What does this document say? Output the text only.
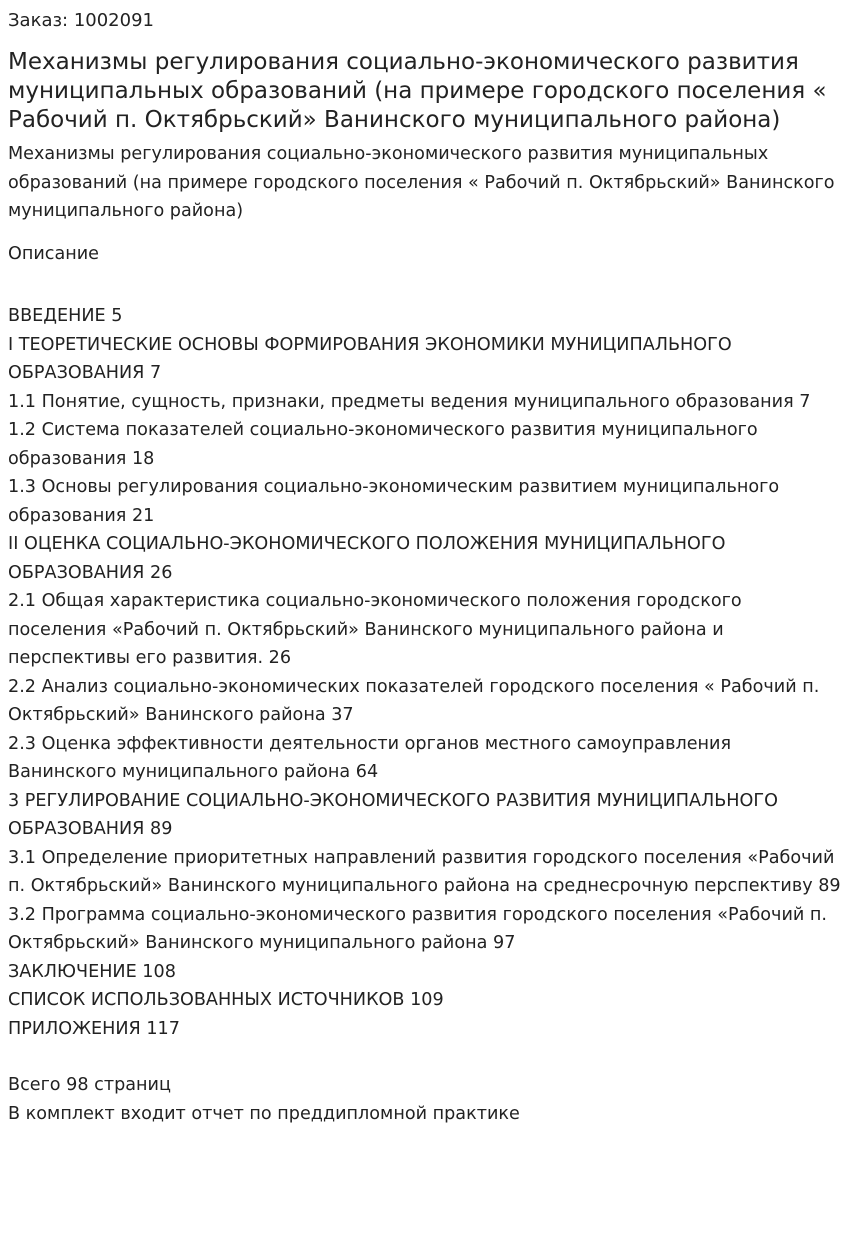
Заказ: 1002091
Механизмы регулирования социально-экономического развития муниципальных образований (на примере городского поселения « Рабочий п. Октябрьский» Ванинского муниципального района)
Механизмы регулирования социально-экономического развития муниципальных образований (на примере городского поселения « Рабочий п. Октябрьский» Ванинского муниципального района)
Описание
ВВЕДЕНИЕ 5
I ТЕОРЕТИЧЕСКИЕ ОСНОВЫ ФОРМИРОВАНИЯ ЭКОНОМИКИ МУНИЦИПАЛЬНОГО ОБРАЗОВАНИЯ 7
1.1 Понятие, сущность, признаки, предметы ведения муниципального образования 7
1.2 Система показателей социально-экономического развития муниципального образования 18
1.3 Основы регулирования социально-экономическим развитием муниципального образования 21
II ОЦЕНКА СОЦИАЛЬНО-ЭКОНОМИЧЕСКОГО ПОЛОЖЕНИЯ МУНИЦИПАЛЬНОГО ОБРАЗОВАНИЯ 26
2.1 Общая характеристика социально-экономического положения городского поселения «Рабочий п. Октябрьский» Ванинского муниципального района и перспективы его развития. 26
2.2 Анализ социально-экономических показателей городского поселения « Рабочий п. Октябрьский» Ванинского района 37
2.3 Оценка эффективности деятельности органов местного самоуправления Ванинского муниципального района 64
3 РЕГУЛИРОВАНИЕ СОЦИАЛЬНО-ЭКОНОМИЧЕСКОГО РАЗВИТИЯ МУНИЦИПАЛЬНОГО ОБРАЗОВАНИЯ 89
3.1 Определение приоритетных направлений развития городского поселения «Рабочий п. Октябрьский» Ванинского муниципального района на среднесрочную перспективу 89
3.2 Программа социально-экономического развития городского поселения «Рабочий п. Октябрьский» Ванинского муниципального района 97
ЗАКЛЮЧЕНИЕ 108
СПИСОК ИСПОЛЬЗОВАННЫХ ИСТОЧНИКОВ 109
ПРИЛОЖЕНИЯ 117
Всего 98 страниц
В комплект входит отчет по преддипломной практике
